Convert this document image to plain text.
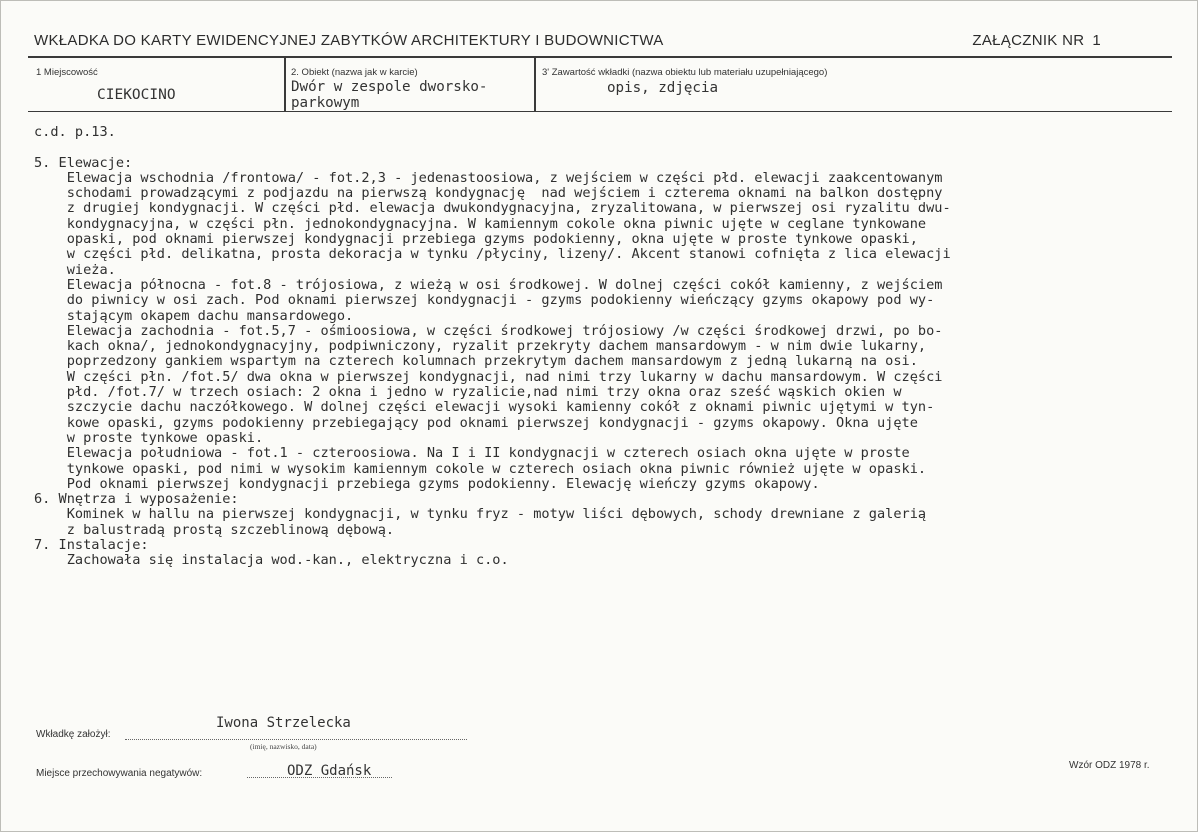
WKŁADKA DO KARTY EWIDENCYJNEJ ZABYTKÓW ARCHITEKTURY I BUDOWNICTWA	ZAŁĄCZNIK NR 1
1 Miejscowość
CIEKOCINO
2. Obiekt (nazwa jak w karcie)
Dwór w zespole dworsko-
parkowym
3' Zawartość wkładki (nazwa obiektu lub materiału uzupełniającego)
opis, zdjęcia
c.d. p.13.
5. Elewacje:
Elewacja wschodnia /frontowa/ - fot.2,3 - jedenastoosiowa, z wejściem w części płd. elewacji zaakcentowanym
schodami prowadzącymi z podjazdu na pierwszą kondygnację  nad wejściem i czterema oknami na balkon dostępny
z drugiej kondygnacji. W części płd. elewacja dwukondygnacyjna, zryzalitowana, w pierwszej osi ryzalitu dwu-
kondygnacyjna, w części płn. jednokondygnacyjna. W kamiennym cokole okna piwnic ujęte w ceglane tynkowane
opaski, pod oknami pierwszej kondygnacji przebiega gzyms podokienny, okna ujęte w proste tynkowe opaski,
w części płd. delikatna, prosta dekoracja w tynku /płyciny, lizeny/. Akcent stanowi cofnięta z lica elewacji
wieża.
Elewacja północna - fot.8 - trójosiowa, z wieżą w osi środkowej. W dolnej części cokół kamienny, z wejściem
do piwnicy w osi zach. Pod oknami pierwszej kondygnacji - gzyms podokienny wieńczący gzyms okapowy pod wy-
stającym okapem dachu mansardowego.
Elewacja zachodnia - fot.5,7 - ośmioosiowa, w części środkowej trójosiowy /w części środkowej drzwi, po bo-
kach okna/, jednokondygnacyjny, podpiwniczony, ryzalit przekryty dachem mansardowym - w nim dwie lukarny,
poprzedzony gankiem wspartym na czterech kolumnach przekrytym dachem mansardowym z jedną lukarną na osi.
W części płn. /fot.5/ dwa okna w pierwszej kondygnacji, nad nimi trzy lukarny w dachu mansardowym. W części
płd. /fot.7/ w trzech osiach: 2 okna i jedno w ryzalicie,nad nimi trzy okna oraz sześć wąskich okien w
szczycie dachu naczółkowego. W dolnej części elewacji wysoki kamienny cokół z oknami piwnic ujętymi w tyn-
kowe opaski, gzyms podokienny przebiegający pod oknami pierwszej kondygnacji - gzyms okapowy. Okna ujęte
w proste tynkowe opaski.
Elewacja południowa - fot.1 - czteroosiowa. Na I i II kondygnacji w czterech osiach okna ujęte w proste
tynkowe opaski, pod nimi w wysokim kamiennym cokole w czterech osiach okna piwnic również ujęte w opaski.
Pod oknami pierwszej kondygnacji przebiega gzyms podokienny. Elewację wieńczy gzyms okapowy.
6. Wnętrza i wyposażenie:
Kominek w hallu na pierwszej kondygnacji, w tynku fryz - motyw liści dębowych, schody drewniane z galerią
z balustradą prostą szczeblinową dębową.
7. Instalacje:
Zachowała się instalacja wod.-kan., elektryczna i c.o.
Wkładkę założył:
Iwona Strzelecka
(imię, nazwisko, data)
Miejsce przechowywania negatywów:	ODZ Gdańsk	Wzór ODZ 1978 r.
